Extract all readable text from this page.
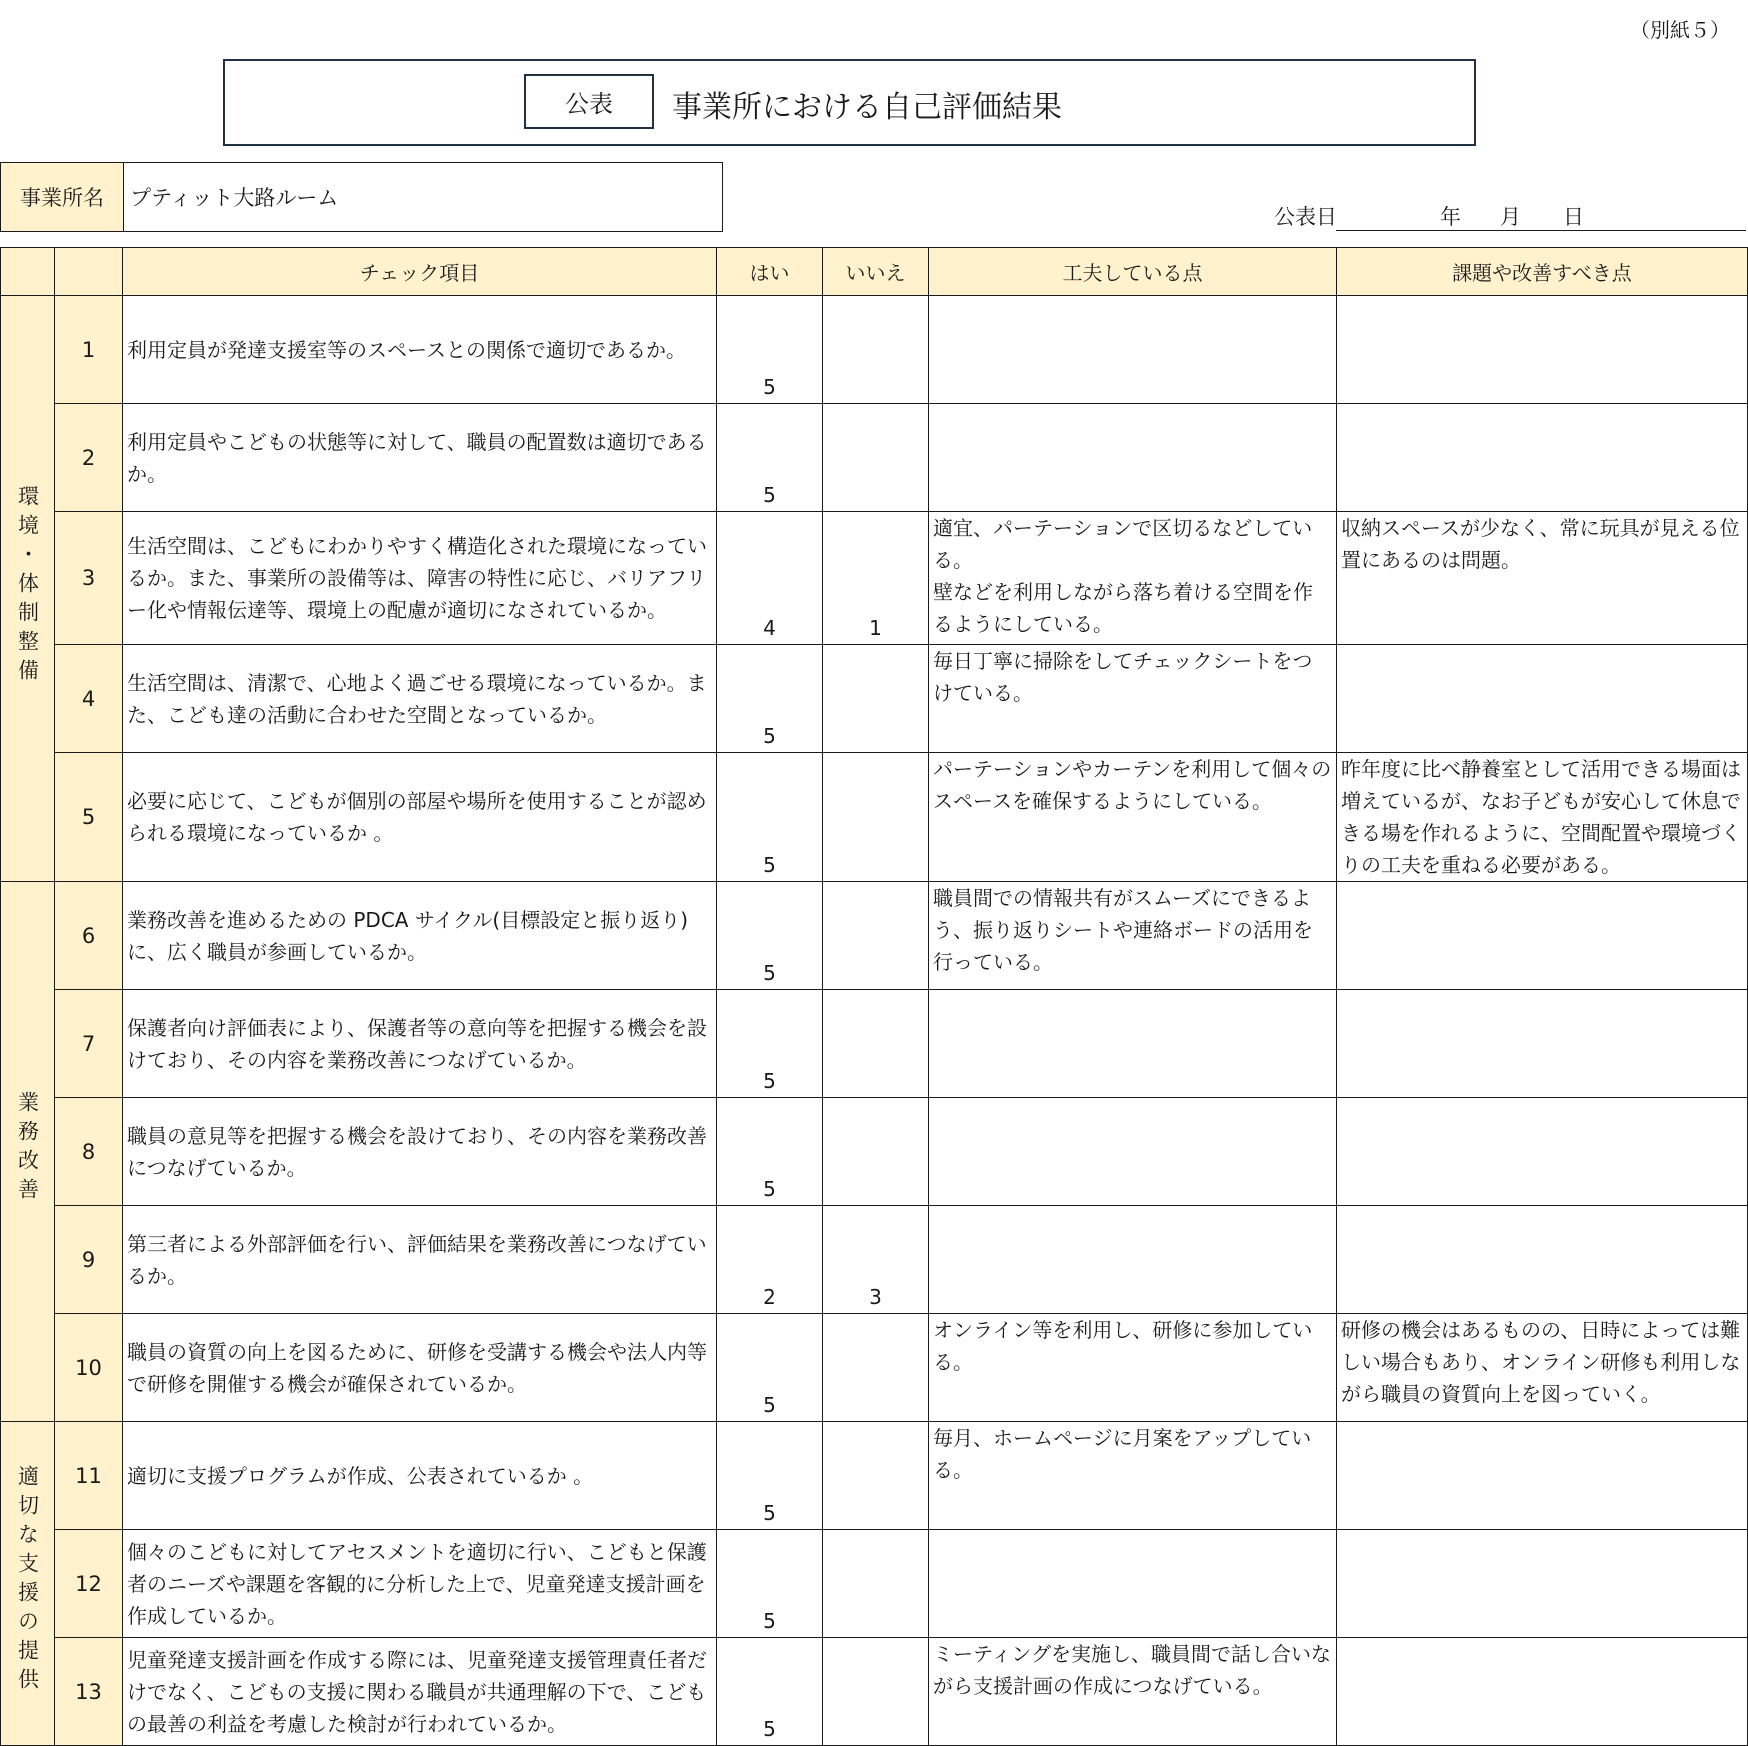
（別紙５）
公表	事業所における自己評価結果
事業所名	プティット大路ルーム
公表日	年 月 日
		チェック項目	はい	いいえ	工夫している点	課題や改善すべき点
環境・体制整備	1	利用定員が発達支援室等のスペースとの関係で適切であるか。	5			
	2	利用定員やこどもの状態等に対して、職員の配置数は適切であるか。	5			
	3	生活空間は、こどもにわかりやすく構造化された環境になっているか。また、事業所の設備等は、障害の特性に応じ、バリアフリー化や情報伝達等、環境上の配慮が適切になされているか。	4	1	適宜、パーテーションで区切るなどしている。
壁などを利用しながら落ち着ける空間を作るようにしている。	収納スペースが少なく、常に玩具が見える位置にあるのは問題。
	4	生活空間は、清潔で、心地よく過ごせる環境になっているか。また、こども達の活動に合わせた空間となっているか。	5		毎日丁寧に掃除をしてチェックシートをつけている。	
	5	必要に応じて、こどもが個別の部屋や場所を使用することが認められる環境になっているか 。	5		パーテーションやカーテンを利用して個々のスペースを確保するようにしている。	昨年度に比べ静養室として活用できる場面は増えているが、なお子どもが安心して休息できる場を作れるように、空間配置や環境づくりの工夫を重ねる必要がある。
業務改善	6	業務改善を進めるための PDCA サイクル(目標設定と振り返り)に、広く職員が参画しているか。	5		職員間での情報共有がスムーズにできるよう、振り返りシートや連絡ボードの活用を行っている。	
	7	保護者向け評価表により、保護者等の意向等を把握する機会を設けており、その内容を業務改善につなげているか。	5			
	8	職員の意見等を把握する機会を設けており、その内容を業務改善につなげているか。	5			
	9	第三者による外部評価を行い、評価結果を業務改善につなげているか。	2	3		
	10	職員の資質の向上を図るために、研修を受講する機会や法人内等で研修を開催する機会が確保されているか。	5		オンライン等を利用し、研修に参加している。	研修の機会はあるものの、日時によっては難しい場合もあり、オンライン研修も利用しながら職員の資質向上を図っていく。
適切な支援の提供	11	適切に支援プログラムが作成、公表されているか 。	5		毎月、ホームページに月案をアップしている。	
	12	個々のこどもに対してアセスメントを適切に行い、こどもと保護者のニーズや課題を客観的に分析した上で、児童発達支援計画を作成しているか。	5			
	13	児童発達支援計画を作成する際には、児童発達支援管理責任者だけでなく、こどもの支援に関わる職員が共通理解の下で、こどもの最善の利益を考慮した検討が行われているか。	5		ミーティングを実施し、職員間で話し合いながら支援計画の作成につなげている。	
